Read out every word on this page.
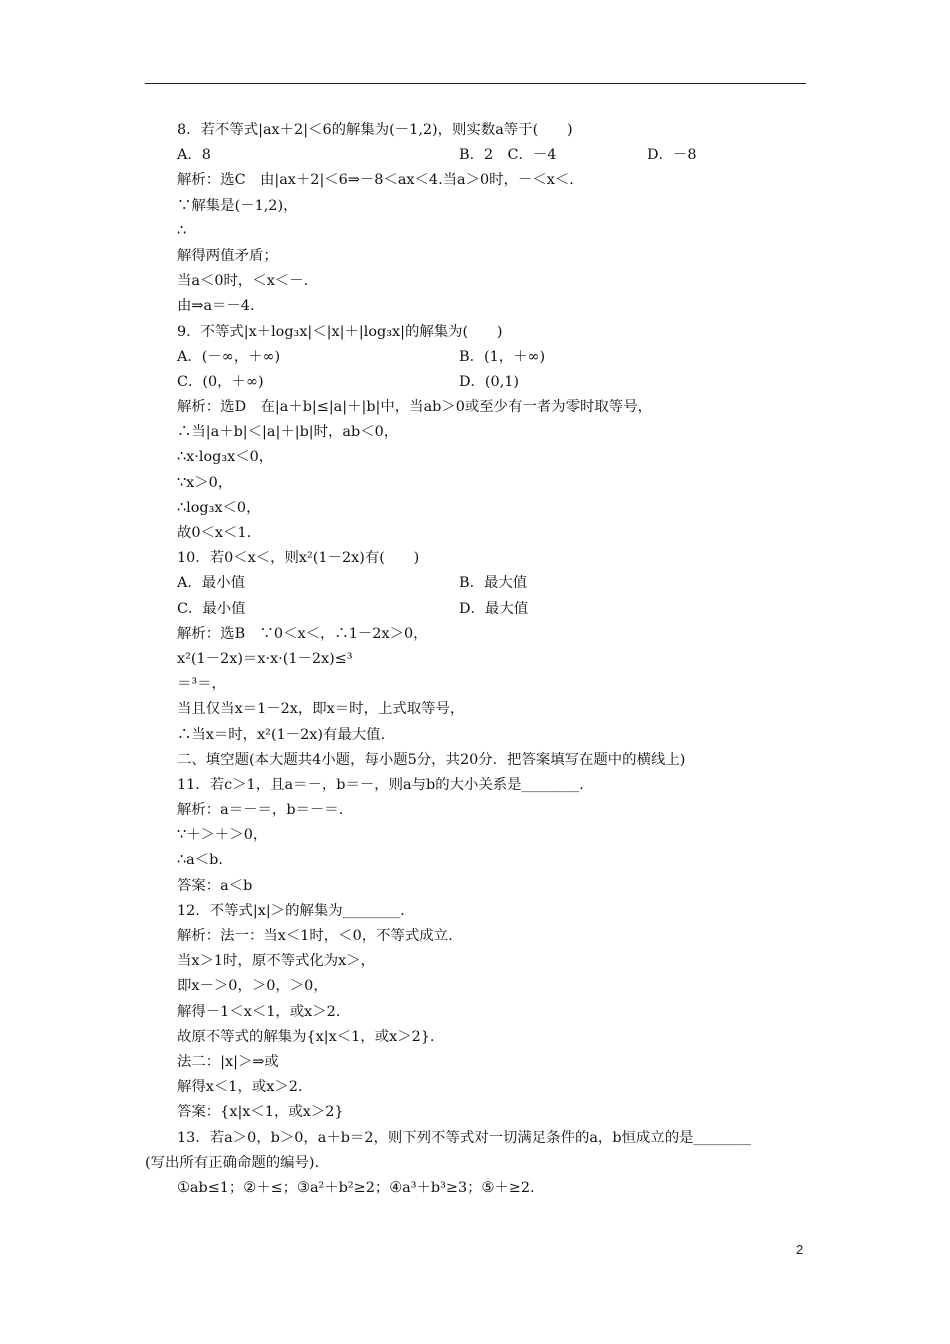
8．若不等式|ax＋2|＜6的解集为(－1,2)，则实数a等于(　　)
A．8	B．2　C．－4	D．－8
解析：选C　由|ax＋2|＜6⇒－8＜ax＜4.当a＞0时，－＜x＜.
∵解集是(－1,2)，
∴
解得两值矛盾；
当a＜0时，＜x＜－.
由⇒a＝－4.
9．不等式|x＋log₃x|＜|x|＋|log₃x|的解集为(　　)
A．(－∞，＋∞)	B．(1，＋∞)
C．(0，＋∞)	D．(0,1)
解析：选D　在|a＋b|≤|a|＋|b|中，当ab＞0或至少有一者为零时取等号，
∴当|a＋b|＜|a|＋|b|时，ab＜0，
∴x·log₃x＜0，
∵x＞0，
∴log₃x＜0，
故0＜x＜1.
10．若0＜x＜，则x²(1－2x)有(　　)
A．最小值	B．最大值
C．最小值	D．最大值
解析：选B　∵0＜x＜，∴1－2x＞0，
x²(1－2x)＝x·x·(1－2x)≤³
＝³＝，
当且仅当x＝1－2x，即x＝时，上式取等号，
∴当x＝时，x²(1－2x)有最大值.
二、填空题(本大题共4小题，每小题5分，共20分．把答案填写在题中的横线上)
11．若c＞1，且a＝－，b＝－，则a与b的大小关系是________.
解析：a＝－＝，b＝－＝.
∵＋＞＋＞0，
∴a＜b.
答案：a＜b
12．不等式|x|＞的解集为________.
解析：法一：当x＜1时，＜0，不等式成立.
当x＞1时，原不等式化为x＞，
即x－＞0，＞0，＞0，
解得－1＜x＜1，或x＞2.
故原不等式的解集为{x|x＜1，或x＞2}.
法二：|x|＞⇒或
解得x＜1，或x＞2.
答案：{x|x＜1，或x＞2}
13．若a＞0，b＞0，a＋b＝2，则下列不等式对一切满足条件的a，b恒成立的是________
(写出所有正确命题的编号).
①ab≤1；②＋≤；③a²＋b²≥2；④a³＋b³≥3；⑤＋≥2.
2
